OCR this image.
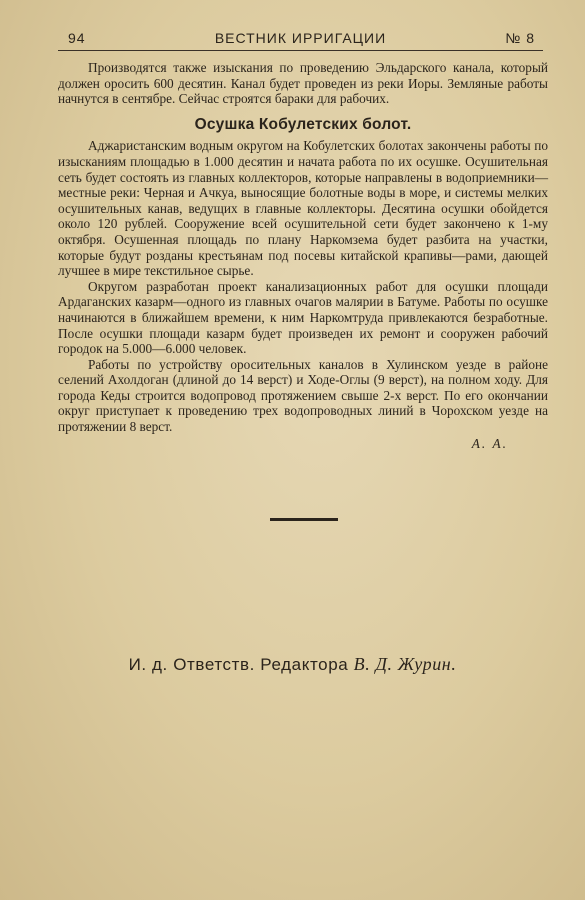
94	ВЕСТНИК ИРРИГАЦИИ	№ 8

Производятся также изыскания по проведению Эльдарского канала, который должен оросить 600 десятин. Канал будет проведен из реки Иоры. Земляные работы начнутся в сентябре. Сейчас строятся бараки для рабочих.

Осушка Кобулетских болот.

Аджаристанским водным округом на Кобулетских болотах закончены работы по изысканиям площадью в 1.000 десятин и начата работа по их осушке. Осушительная сеть будет состоять из главных коллекторов, которые направлены в водоприемники—местные реки: Черная и Ачкуа, выносящие болотные воды в море, и системы мелких осушительных канав, ведущих в главные коллекторы. Десятина осушки обойдется около 120 рублей. Сооружение всей осушительной сети будет закончено к 1-му октября. Осушенная площадь по плану Наркомзема будет разбита на участки, которые будут розданы крестьянам под посевы китайской крапивы—рами, дающей лучшее в мире текстильное сырье.

Округом разработан проект канализационных работ для осушки площади Ардаганских казарм—одного из главных очагов малярии в Батуме. Работы по осушке начинаются в ближайшем времени, к ним Наркомтруда привлекаются безработные. После осушки площади казарм будет произведен их ремонт и сооружен рабочий городок на 5.000—6.000 человек.

Работы по устройству оросительных каналов в Хулинском уезде в районе селений Ахолдоган (длиной до 14 верст) и Ходе-Оглы (9 верст), на полном ходу. Для города Кеды строится водопровод протяжением свыше 2-х верст. По его окончании округ приступает к проведению трех водопроводных линий в Чорохском уезде на протяжении 8 верст.

А. А.
И. д. Ответств. Редактора В. Д. Журин.
